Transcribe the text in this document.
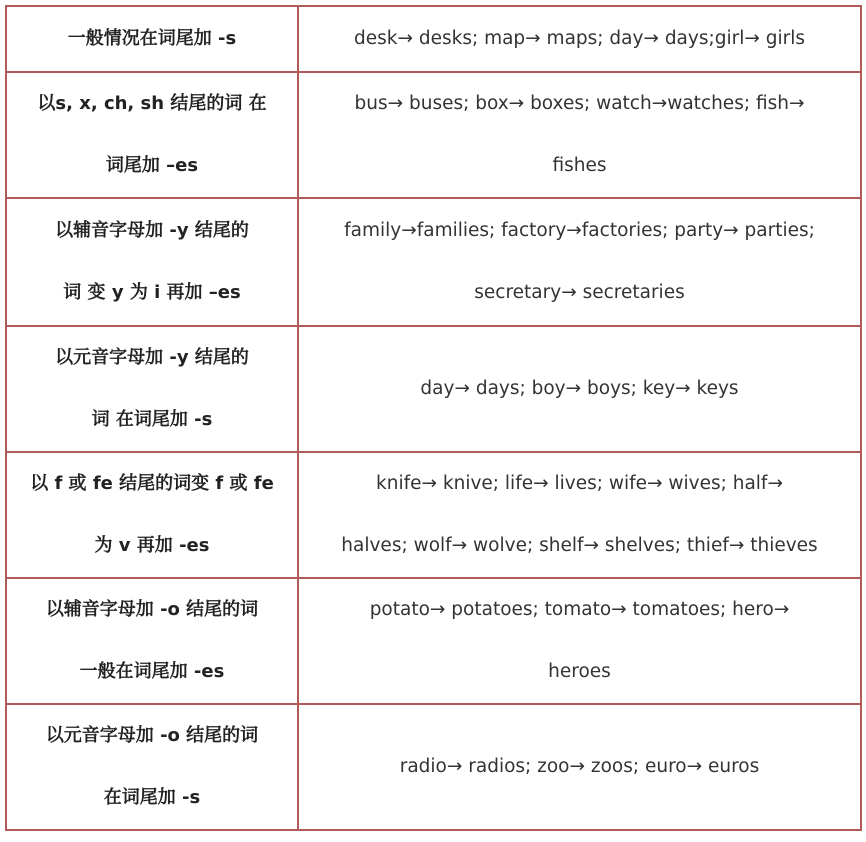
一般情况在词尾加 -s	desk→ desks; map→ maps; day→ days;girl→ girls

以s, x, ch, sh 结尾的词 在
词尾加 –es	bus→ buses; box→ boxes; watch→watches; fish→
fishes

以辅音字母加 -y 结尾的
词 变 y 为 i 再加 –es	family→families; factory→factories; party→ parties;
secretary→ secretaries

以元音字母加 -y 结尾的
词 在词尾加 -s	day→ days; boy→ boys; key→ keys

以 f 或 fe 结尾的词变 f 或 fe
为 v 再加 -es	knife→ knive; life→ lives; wife→ wives; half→
halves; wolf→ wolve; shelf→ shelves; thief→ thieves

以辅音字母加 -o 结尾的词
一般在词尾加 -es	potato→ potatoes; tomato→ tomatoes; hero→
heroes

以元音字母加 -o 结尾的词
在词尾加 -s	radio→ radios; zoo→ zoos; euro→ euros
